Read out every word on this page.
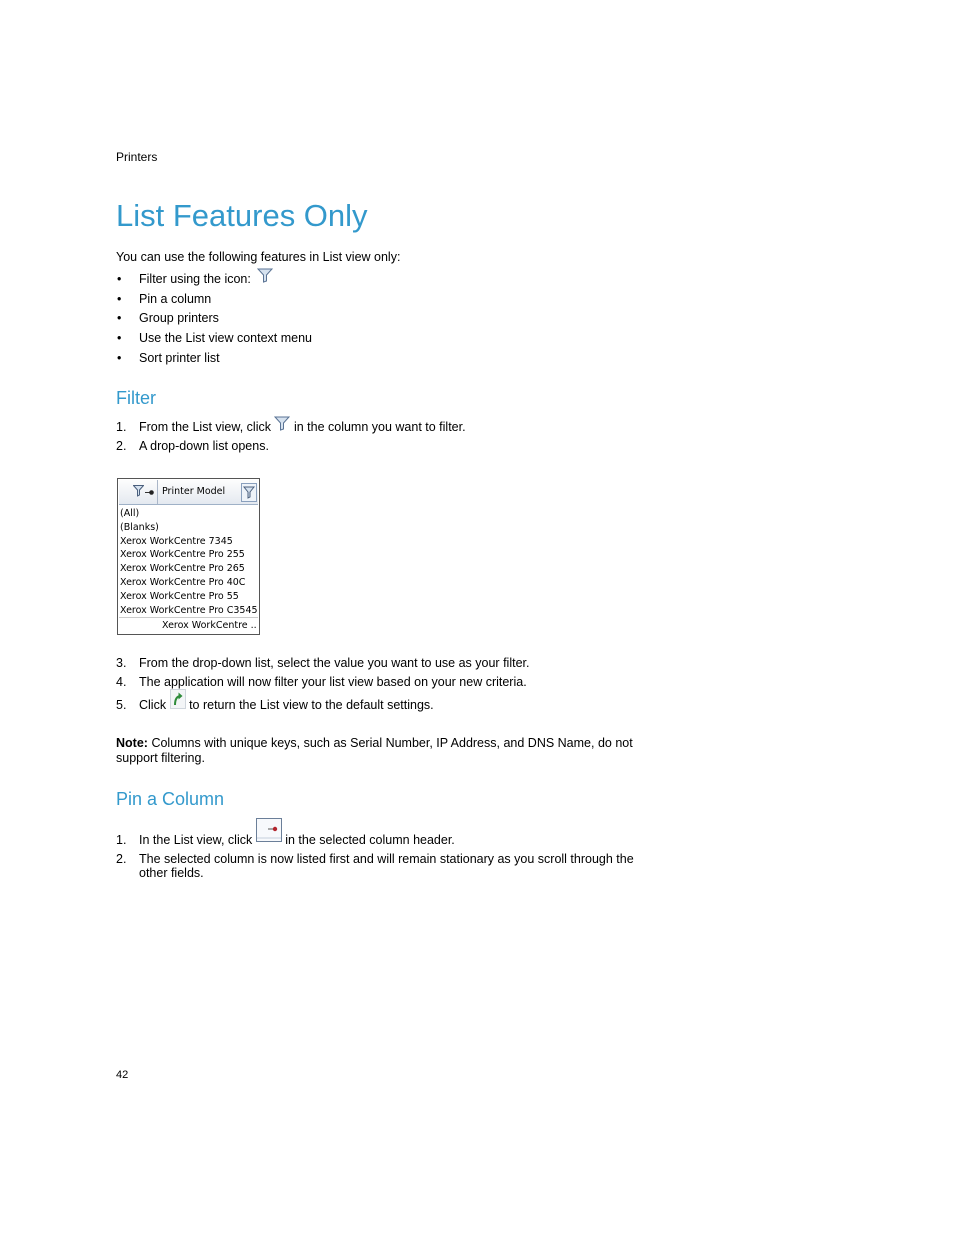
Printers
List Features Only
You can use the following features in List view only:
• Filter using the icon:
• Pin a column
• Group printers
• Use the List view context menu
• Sort printer list
Filter
1. From the List view, click in the column you want to filter.
2. A drop-down list opens.
Printer Model
(All)
(Blanks)
Xerox WorkCentre 7345
Xerox WorkCentre Pro 255
Xerox WorkCentre Pro 265
Xerox WorkCentre Pro 40C
Xerox WorkCentre Pro 55
Xerox WorkCentre Pro C3545
Xerox WorkCentre ..
3. From the drop-down list, select the value you want to use as your filter.
4. The application will now filter your list view based on your new criteria.
5. Click to return the List view to the default settings.
Note: Columns with unique keys, such as Serial Number, IP Address, and DNS Name, do not
support filtering.
Pin a Column
1. In the List view, click	in the selected column header.
2. The selected column is now listed first and will remain stationary as you scroll through the
other fields.
42
